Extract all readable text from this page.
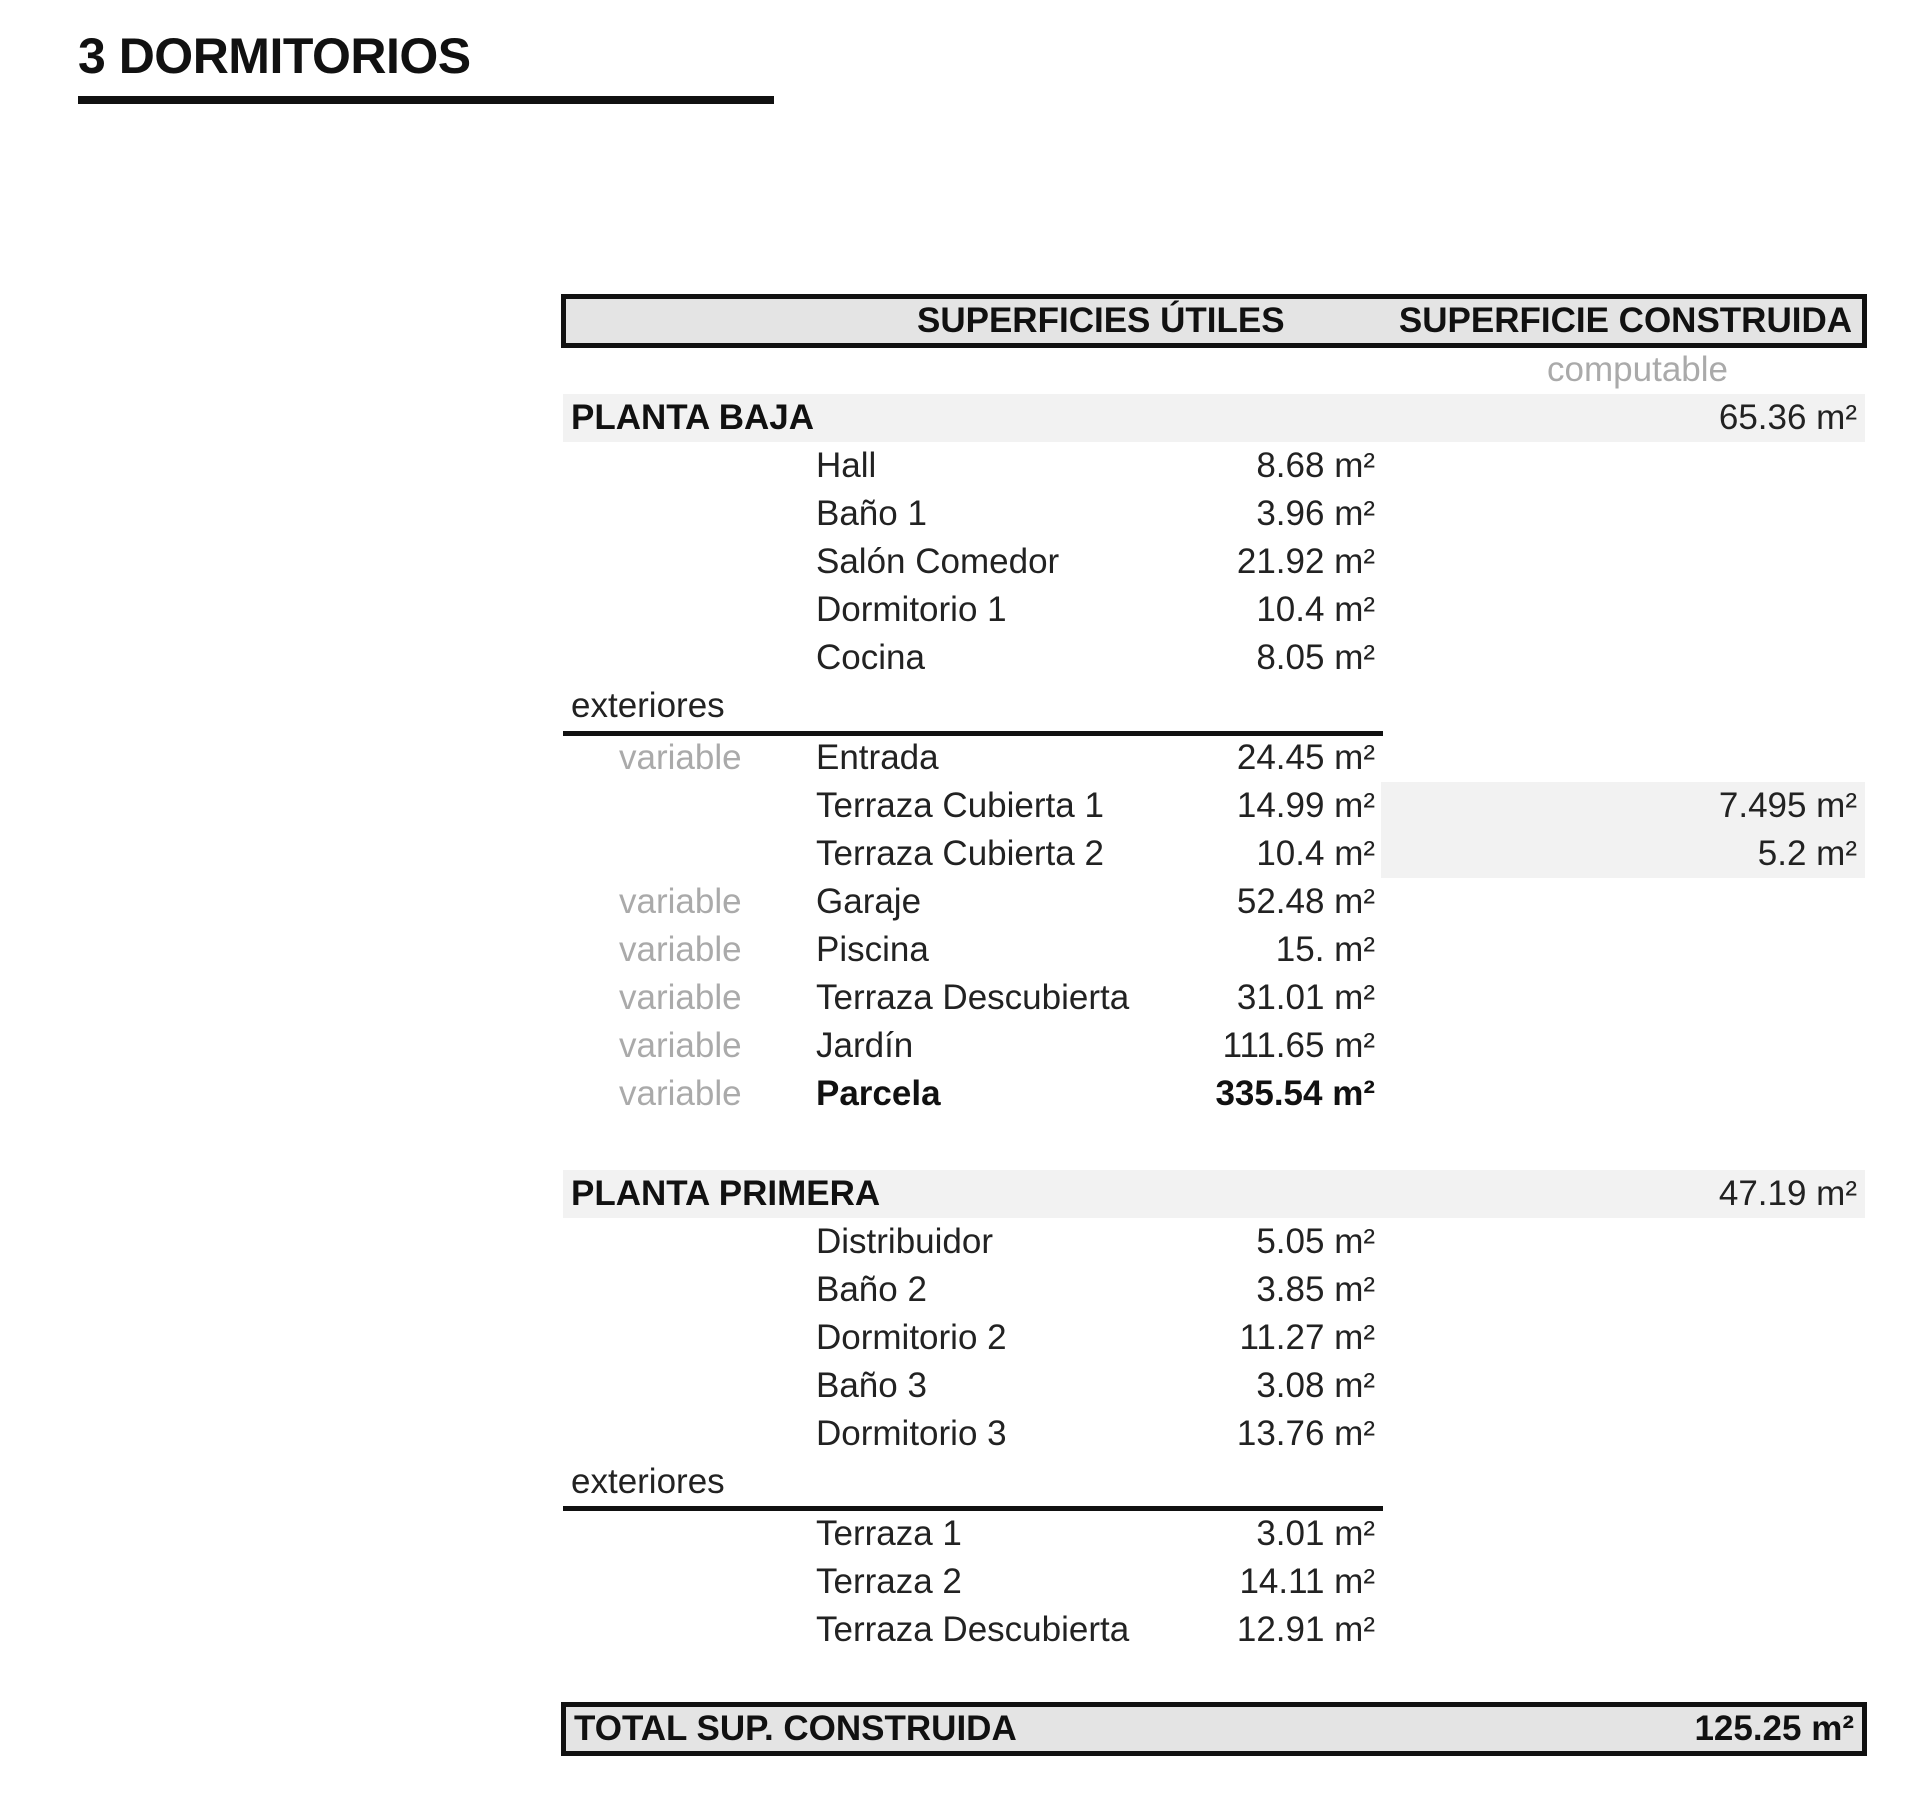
3 DORMITORIOS
SUPERFICIES ÚTILES	SUPERFICIE CONSTRUIDA
computable
PLANTA BAJA	65.36 m²
Hall	8.68 m²
Baño 1	3.96 m²
Salón Comedor	21.92 m²
Dormitorio 1	10.4 m²
Cocina	8.05 m²
exteriores
variable Entrada	24.45 m²
Terraza Cubierta 1	14.99 m²	7.495 m²
Terraza Cubierta 2	10.4 m²	5.2 m²
variable Garaje	52.48 m²
variable Piscina	15. m²
variable Terraza Descubierta	31.01 m²
variable Jardín	111.65 m²
variable Parcela	335.54 m²
PLANTA PRIMERA	47.19 m²
Distribuidor	5.05 m²
Baño 2	3.85 m²
Dormitorio 2	11.27 m²
Baño 3	3.08 m²
Dormitorio 3	13.76 m²
exteriores
Terraza 1	3.01 m²
Terraza 2	14.11 m²
Terraza Descubierta	12.91 m²
TOTAL SUP. CONSTRUIDA	125.25 m²
